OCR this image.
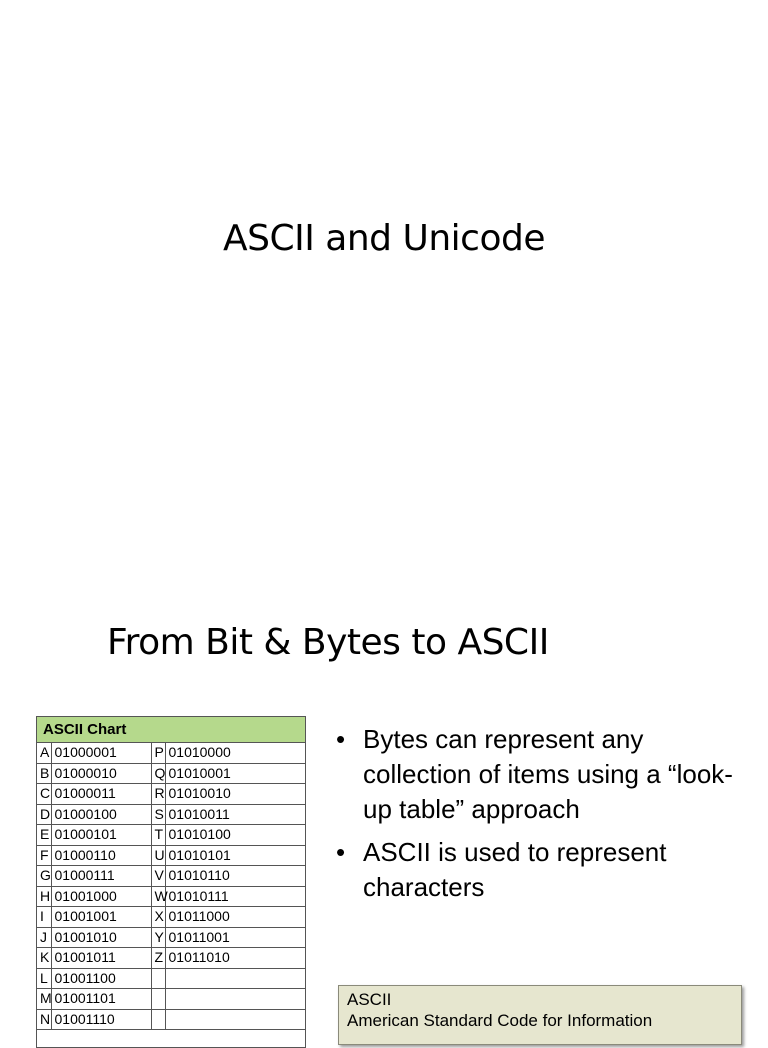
ASCII and Unicode
From Bit & Bytes to ASCII
ASCII Chart
A	01000001	P	01010000
B	01000010	Q	01010001
C	01000011	R	01010010
D	01000100	S	01010011
E	01000101	T	01010100
F	01000110	U	01010101
G	01000111	V	01010110
H	01001000	W	01010111
I	01001001	X	01011000
J	01001010	Y	01011001
K	01001011	Z	01011010
L	01001100		
M	01001101		
N	01001110		
• Bytes can represent any collection of items using a “look-up table” approach
• ASCII is used to represent characters
ASCII
American Standard Code for Information
